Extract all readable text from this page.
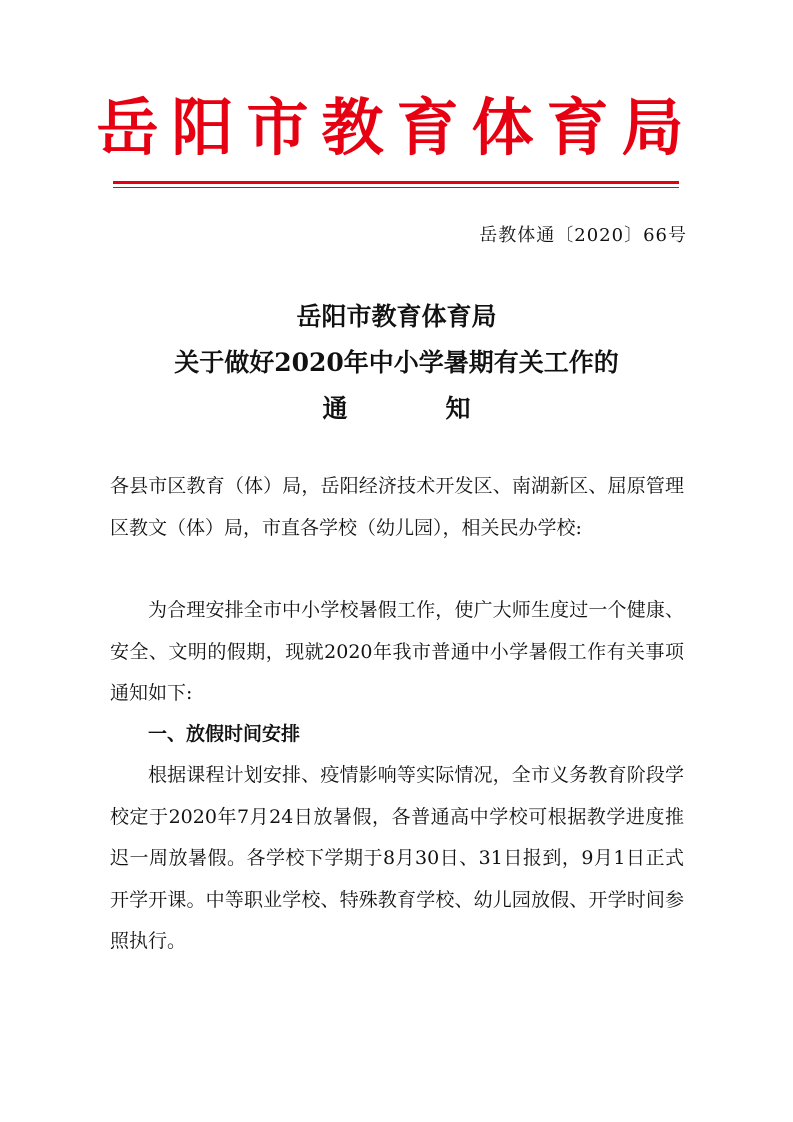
岳阳市教育体育局
岳教体通〔2020〕66号
岳阳市教育体育局
关于做好2020年中小学暑期有关工作的
通知

各县市区教育（体）局，岳阳经济技术开发区、南湖新区、屈原管理区教文（体）局，市直各学校（幼儿园），相关民办学校:

为合理安排全市中小学校暑假工作，使广大师生度过一个健康、安全、文明的假期，现就2020年我市普通中小学暑假工作有关事项通知如下:

一、放假时间安排

根据课程计划安排、疫情影响等实际情况，全市义务教育阶段学校定于2020年7月24日放暑假，各普通高中学校可根据教学进度推迟一周放暑假。各学校下学期于8月30日、31日报到，9月1日正式开学开课。中等职业学校、特殊教育学校、幼儿园放假、开学时间参照执行。
